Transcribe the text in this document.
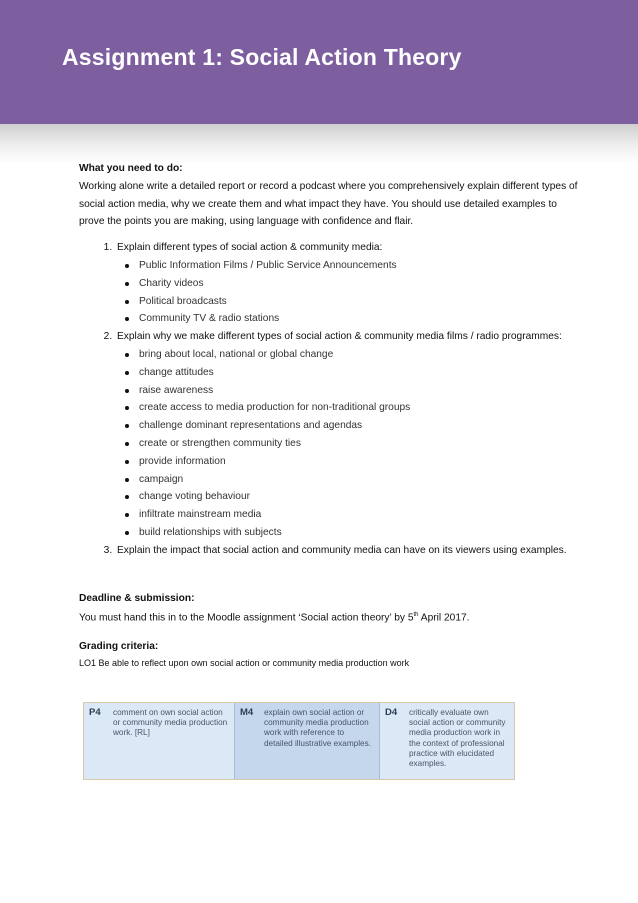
Assignment 1: Social Action Theory

What you need to do:

Working alone write a detailed report or record a podcast where you comprehensively explain different types of social action media, why we create them and what impact they have. You should use detailed examples to prove the points you are making, using language with confidence and flair.

1. Explain different types of social action & community media:
Public Information Films / Public Service Announcements
Charity videos
Political broadcasts
Community TV & radio stations
2. Explain why we make different types of social action & community media films / radio programmes:
bring about local, national or global change
change attitudes
raise awareness
create access to media production for non-traditional groups
challenge dominant representations and agendas
create or strengthen community ties
provide information
campaign
change voting behaviour
infiltrate mainstream media
build relationships with subjects
3. Explain the impact that social action and community media can have on its viewers using examples.

Deadline & submission:

You must hand this in to the Moodle assignment ‘Social action theory’ by 5th April 2017.

Grading criteria:

LO1 Be able to reflect upon own social action or community media production work

P4	comment on own social action or community media production work. [RL]
M4	explain own social action or community media production work with reference to detailed illustrative examples.
D4	critically evaluate own social action or community media production work in the context of professional practice with elucidated examples.
